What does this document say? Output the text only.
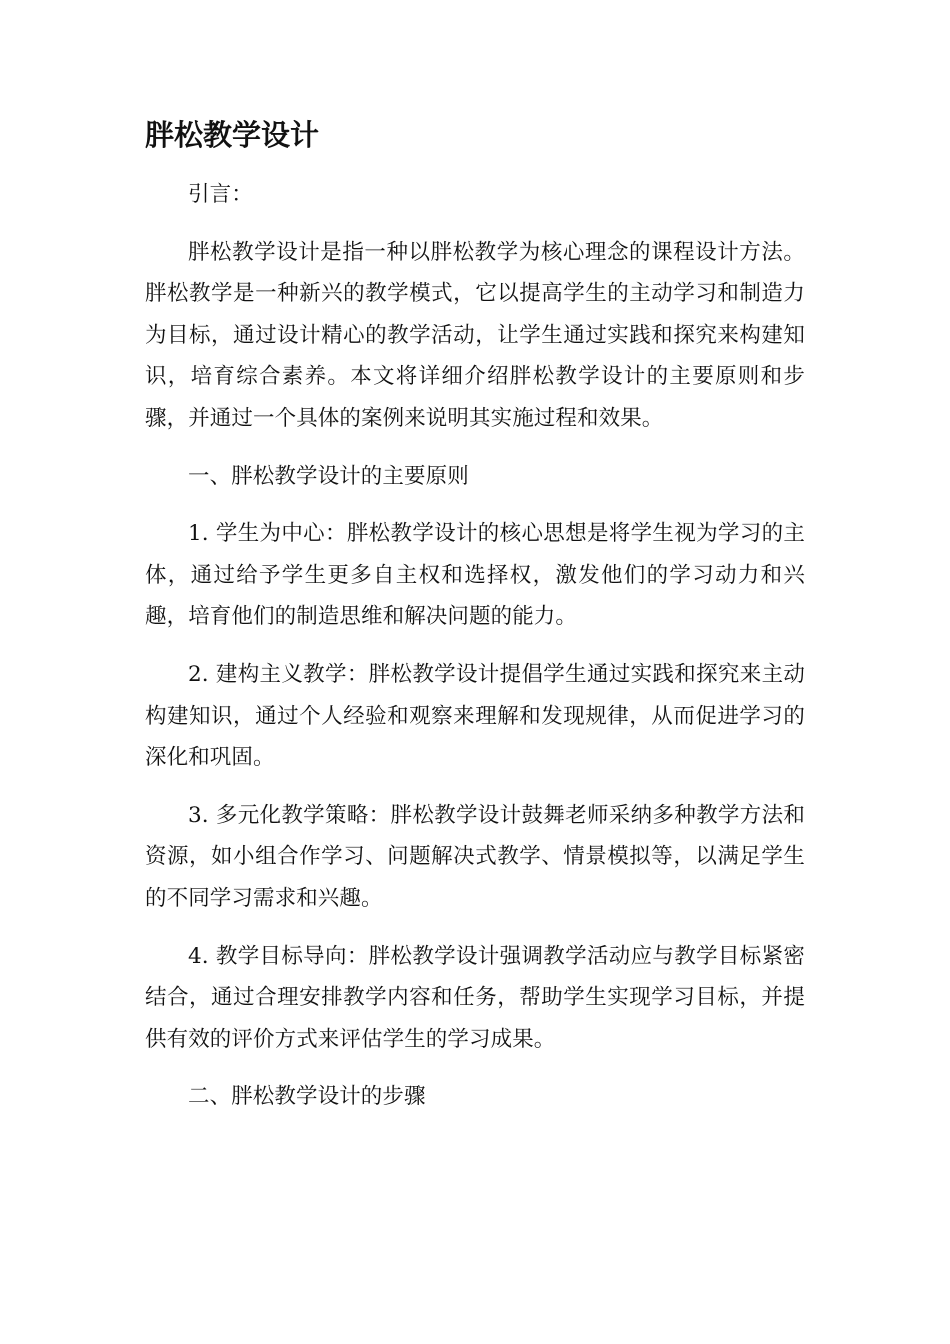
胖松教学设计

引言：

胖松教学设计是指一种以胖松教学为核心理念的课程设计方法。胖松教学是一种新兴的教学模式，它以提高学生的主动学习和制造力为目标，通过设计精心的教学活动，让学生通过实践和探究来构建知识，培育综合素养。本文将详细介绍胖松教学设计的主要原则和步骤，并通过一个具体的案例来说明其实施过程和效果。

一、胖松教学设计的主要原则

1. 学生为中心：胖松教学设计的核心思想是将学生视为学习的主体，通过给予学生更多自主权和选择权，激发他们的学习动力和兴趣，培育他们的制造思维和解决问题的能力。

2. 建构主义教学：胖松教学设计提倡学生通过实践和探究来主动构建知识，通过个人经验和观察来理解和发现规律，从而促进学习的深化和巩固。

3. 多元化教学策略：胖松教学设计鼓舞老师采纳多种教学方法和资源，如小组合作学习、问题解决式教学、情景模拟等，以满足学生的不同学习需求和兴趣。

4. 教学目标导向：胖松教学设计强调教学活动应与教学目标紧密结合，通过合理安排教学内容和任务，帮助学生实现学习目标，并提供有效的评价方式来评估学生的学习成果。

二、胖松教学设计的步骤
